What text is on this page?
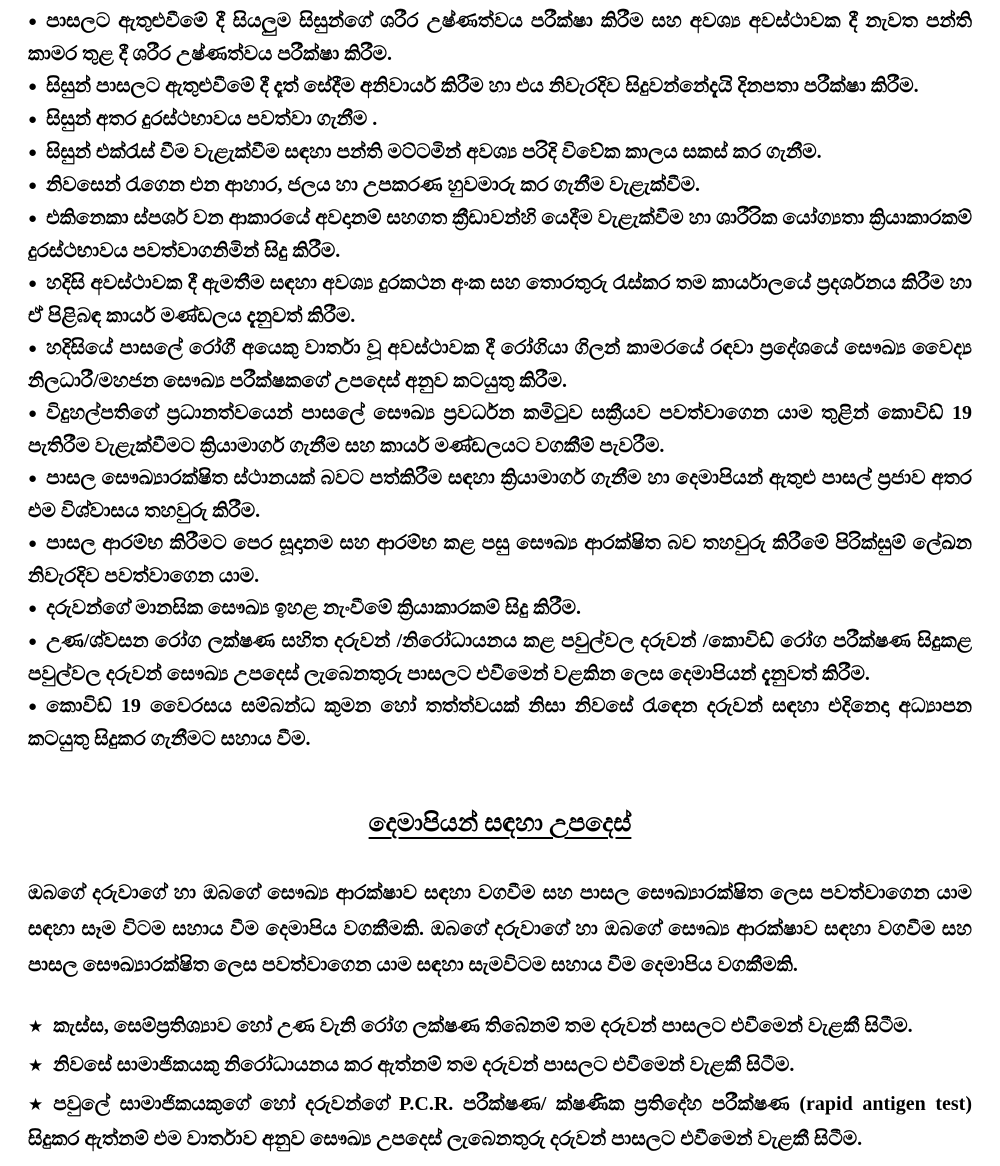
● පාසලට ඇතුළුවීමේ දී සියලුම සිසුන්ගේ ශරීර උෂ්ණත්වය පරීක්ෂා කිරීම සහ අවශ්‍ය අවස්ථාවක දී නැවත පන්ති කාමර තුළ දී ශරීර උෂ්ණත්වය පරීක්ෂා කිරීම.

● සිසුන් පාසලට ඇතුළුවීමේ දී දෑත් සේදීම අනිවාර්ය කිරීම හා එය නිවැරදිව සිදුවන්නේදැයි දිනපතා පරීක්ෂා කිරීම.

● සිසුන් අතර දුරස්ථභාවය පවත්වා ගැනීම .

● සිසුන් එක්රැස් වීම වැළැක්වීම සඳහා පන්ති මට්ටමින් අවශ්‍ය පරිදි විවේක කාලය සකස් කර ගැනීම.

● නිවසෙන් රැගෙන එන ආහාර, ජලය හා උපකරණ හුවමාරු කර ගැනීම වැළැක්වීම.

● එකිනෙකා ස්පර්ශ වන ආකාරයේ අවදානම් සහගත ක්‍රීඩාවන්හි යෙදීම වැළැක්වීම හා ශාරීරික යෝග්‍යතා ක්‍රියාකාරකම් දුරස්ථභාවය පවත්වාගනිමින් සිදු කිරීම.

● හදිසි අවස්ථාවක දී ඇමතීම සඳහා අවශ්‍ය දුරකථන අංක සහ තොරතුරු රැස්කර තම කාර්යාලයේ ප්‍රදර්ශනය කිරීම හා ඒ පිළිබඳ කාර්ය මණ්ඩලය දැනුවත් කිරීම.

● හදිසියේ පාසලේ රෝගී අයෙකු වාර්තා වූ අවස්ථාවක දී රෝගියා ගිලන් කාමරයේ රඳවා ප්‍රදේශයේ සෞඛ්‍ය වෛද්‍ය නිලධාරී/මහජන සෞඛ්‍ය පරීක්ෂකගේ උපදෙස් අනුව කටයුතු කිරීම.

● විදුහල්පතිගේ ප්‍රධානත්වයෙන් පාසලේ සෞඛ්‍ය ප්‍රවර්ධන කමිටුව සක්‍රීයව පවත්වාගෙන යාම තුළින් කොවිඩ් 19 පැතිරීම වැළැක්වීමට ක්‍රියාමාර්ග ගැනීම සහ කාර්ය මණ්ඩලයට වගකීම් පැවරීම.

● පාසල සෞඛ්‍යාරක්ෂිත ස්ථානයක් බවට පත්කිරීම සඳහා ක්‍රියාමාර්ග ගැනීම හා දෙමාපියන් ඇතුළු පාසල් ප්‍රජාව අතර එම විශ්වාසය තහවුරු කිරීම.

● පාසල ආරම්භ කිරීමට පෙර සූදානම සහ ආරම්භ කළ පසු සෞඛ්‍ය ආරක්ෂිත බව තහවුරු කිරීමේ පිරික්සුම් ලේඛන නිවැරදිව පවත්වාගෙන යාම.

● දරුවන්ගේ මානසික සෞඛ්‍ය ඉහළ නැංවීමේ ක්‍රියාකාරකම් සිදු කිරීම.

● උණ/ශ්වසන රෝග ලක්ෂණ සහිත දරුවන් /නිරෝධායනය කළ පවුල්වල දරුවන් /කොවිඩ් රෝග පරීක්ෂණ සිදුකළ පවුල්වල දරුවන් සෞඛ්‍ය උපදෙස් ලැබෙනතුරු පාසලට එවීමෙන් වළකින ලෙස දෙමාපියන් දැනුවත් කිරීම.

● කොවිඩ් 19 වෛරසය සම්බන්ධ කුමන හෝ තත්ත්වයක් නිසා නිවසේ රැඳෙන දරුවන් සඳහා එදිනෙදා අධ්‍යාපන කටයුතු සිදුකර ගැනීමට සහාය වීම.

දෙමාපියන් සඳහා උපදෙස්

ඔබගේ දරුවාගේ හා ඔබගේ සෞඛ්‍ය ආරක්ෂාව සඳහා වගවීම සහ පාසල සෞඛ්‍යාරක්ෂිත ලෙස පවත්වාගෙන යාම සඳහා සෑම විටම සහාය වීම දෙමාපිය වගකීමකි. ඔබගේ දරුවාගේ හා ඔබගේ සෞඛ්‍ය ආරක්ෂාව සඳහා වගවීම සහ පාසල සෞඛ්‍යාරක්ෂිත ලෙස පවත්වාගෙන යාම සඳහා සැමවිටම සහාය වීම දෙමාපිය වගකීමකි.

★ කැස්ස, සෙම්ප්‍රතිශ්‍යාව හෝ උණ වැනි රෝග ලක්ෂණ තිබේනම් තම දරුවන් පාසලට එවීමෙන් වැළකී සිටීම.

★ නිවසේ සාමාජිකයකු නිරෝධායනය කර ඇත්නම් තම දරුවන් පාසලට එවීමෙන් වැළකී සිටීම.

★ පවුලේ සාමාජිකයකුගේ හෝ දරුවන්ගේ P.C.R. පරීක්ෂණ/ ක්ෂණික ප්‍රතිදේහ පරීක්ෂණ (rapid antigen test) සිදුකර ඇත්නම් එම වාර්තාව අනුව සෞඛ්‍ය උපදෙස් ලැබෙනතුරු දරුවන් පාසලට එවීමෙන් වැළකී සිටීම.
